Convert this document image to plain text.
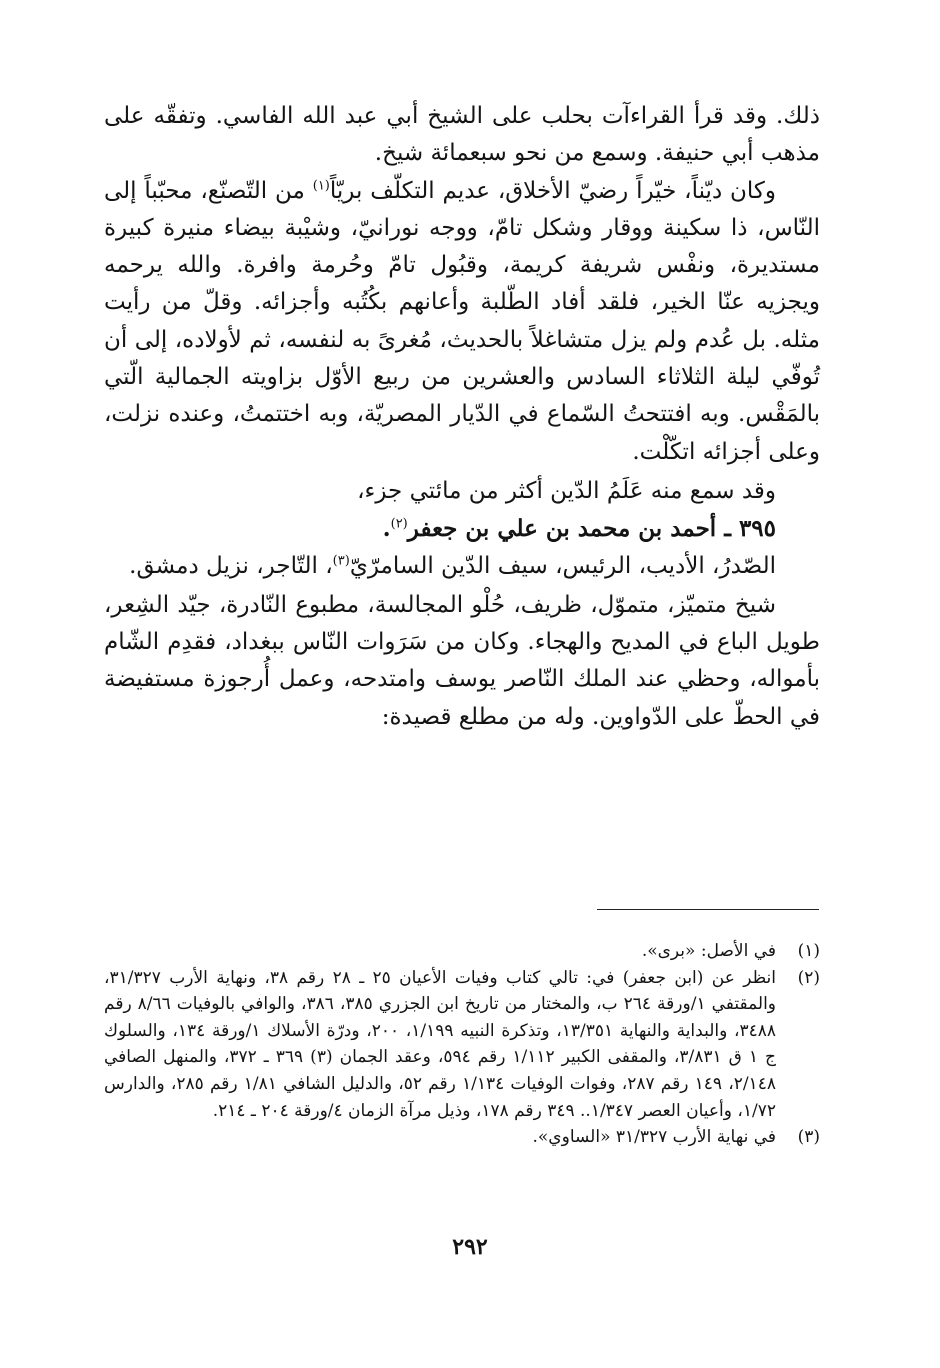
ذلك. وقد قرأ القراءآت بحلب على الشيخ أبي عبد الله الفاسي. وتفقّه على مذهب أبي حنيفة. وسمع من نحو سبعمائة شيخ.

وكان ديّناً، خيّراً رضيّ الأخلاق، عديم التكلّف بريّاً$^{(١)}$ من التّصنّع، محبّباً إلى النّاس، ذا سكينة ووقار وشكل تامّ، ووجه نورانيّ، وشيْبة بيضاء منيرة كبيرة مستديرة، ونفْس شريفة كريمة، وقبُول تامّ وحُرمة وافرة. والله يرحمه ويجزيه عنّا الخير، فلقد أفاد الطّلبة وأعانهم بكُتُبه وأجزائه. وقلّ من رأيت مثله. بل عُدم ولم يزل متشاغلاً بالحديث، مُغرىً به لنفسه، ثم لأولاده، إلى أن تُوفّي ليلة الثلاثاء السادس والعشرين من ربيع الأوّل بزاويته الجمالية الّتي بالمَقْس. وبه افتتحتُ السّماع في الدّيار المصريّة، وبه اختتمتُ، وعنده نزلت، وعلى أجزائه اتكّلْت.

وقد سمع منه عَلَمُ الدّين أكثر من مائتي جزء،

٣٩٥ ـ أحمد بن محمد بن علي بن جعفر$^{(٢)}$.

الصّدرُ، الأديب، الرئيس، سيف الدّين السامرّيّ$^{(٣)}$، التّاجر، نزيل دمشق.

شيخ متميّز، متموّل، ظريف، حُلْو المجالسة، مطبوع النّادرة، جيّد الشِعر، طويل الباع في المديح والهجاء. وكان من سَرَوات النّاس ببغداد، فقدِم الشّام بأمواله، وحظي عند الملك النّاصر يوسف وامتدحه، وعمل أُرجوزة مستفيضة في الحطّ على الدّواوين. وله من مطلع قصيدة:

(١)
في الأصل: «برى».
(٢)
انظر عن (ابن جعفر) في: تالي كتاب وفيات الأعيان ٢٥ ـ ٢٨ رقم ٣٨، ونهاية الأرب ٣١/٣٢٧، والمقتفي ١/ورقة ٢٦٤ ب، والمختار من تاريخ ابن الجزري ٣٨٥، ٣٨٦، والوافي بالوفيات ٨/٦٦ رقم ٣٤٨٨، والبداية والنهاية ١٣/٣٥١، وتذكرة النبيه ١/١٩٩، ٢٠٠، ودرّة الأسلاك ١/ورقة ١٣٤، والسلوك ج ١ ق ٣/٨٣١، والمقفى الكبير ١/١١٢ رقم ٥٩٤، وعقد الجمان (٣) ٣٦٩ ـ ٣٧٢، والمنهل الصافي ٢/١٤٨، ١٤٩ رقم ٢٨٧، وفوات الوفيات ١/١٣٤ رقم ٥٢، والدليل الشافي ١/٨١ رقم ٢٨٥، والدارس ١/٧٢، وأعيان العصر ١/٣٤٧.. ٣٤٩ رقم ١٧٨، وذيل مرآة الزمان ٤/ورقة ٢٠٤ ـ ٢١٤.
(٣)
في نهاية الأرب ٣١/٣٢٧ «الساوي».
٢٩٢
